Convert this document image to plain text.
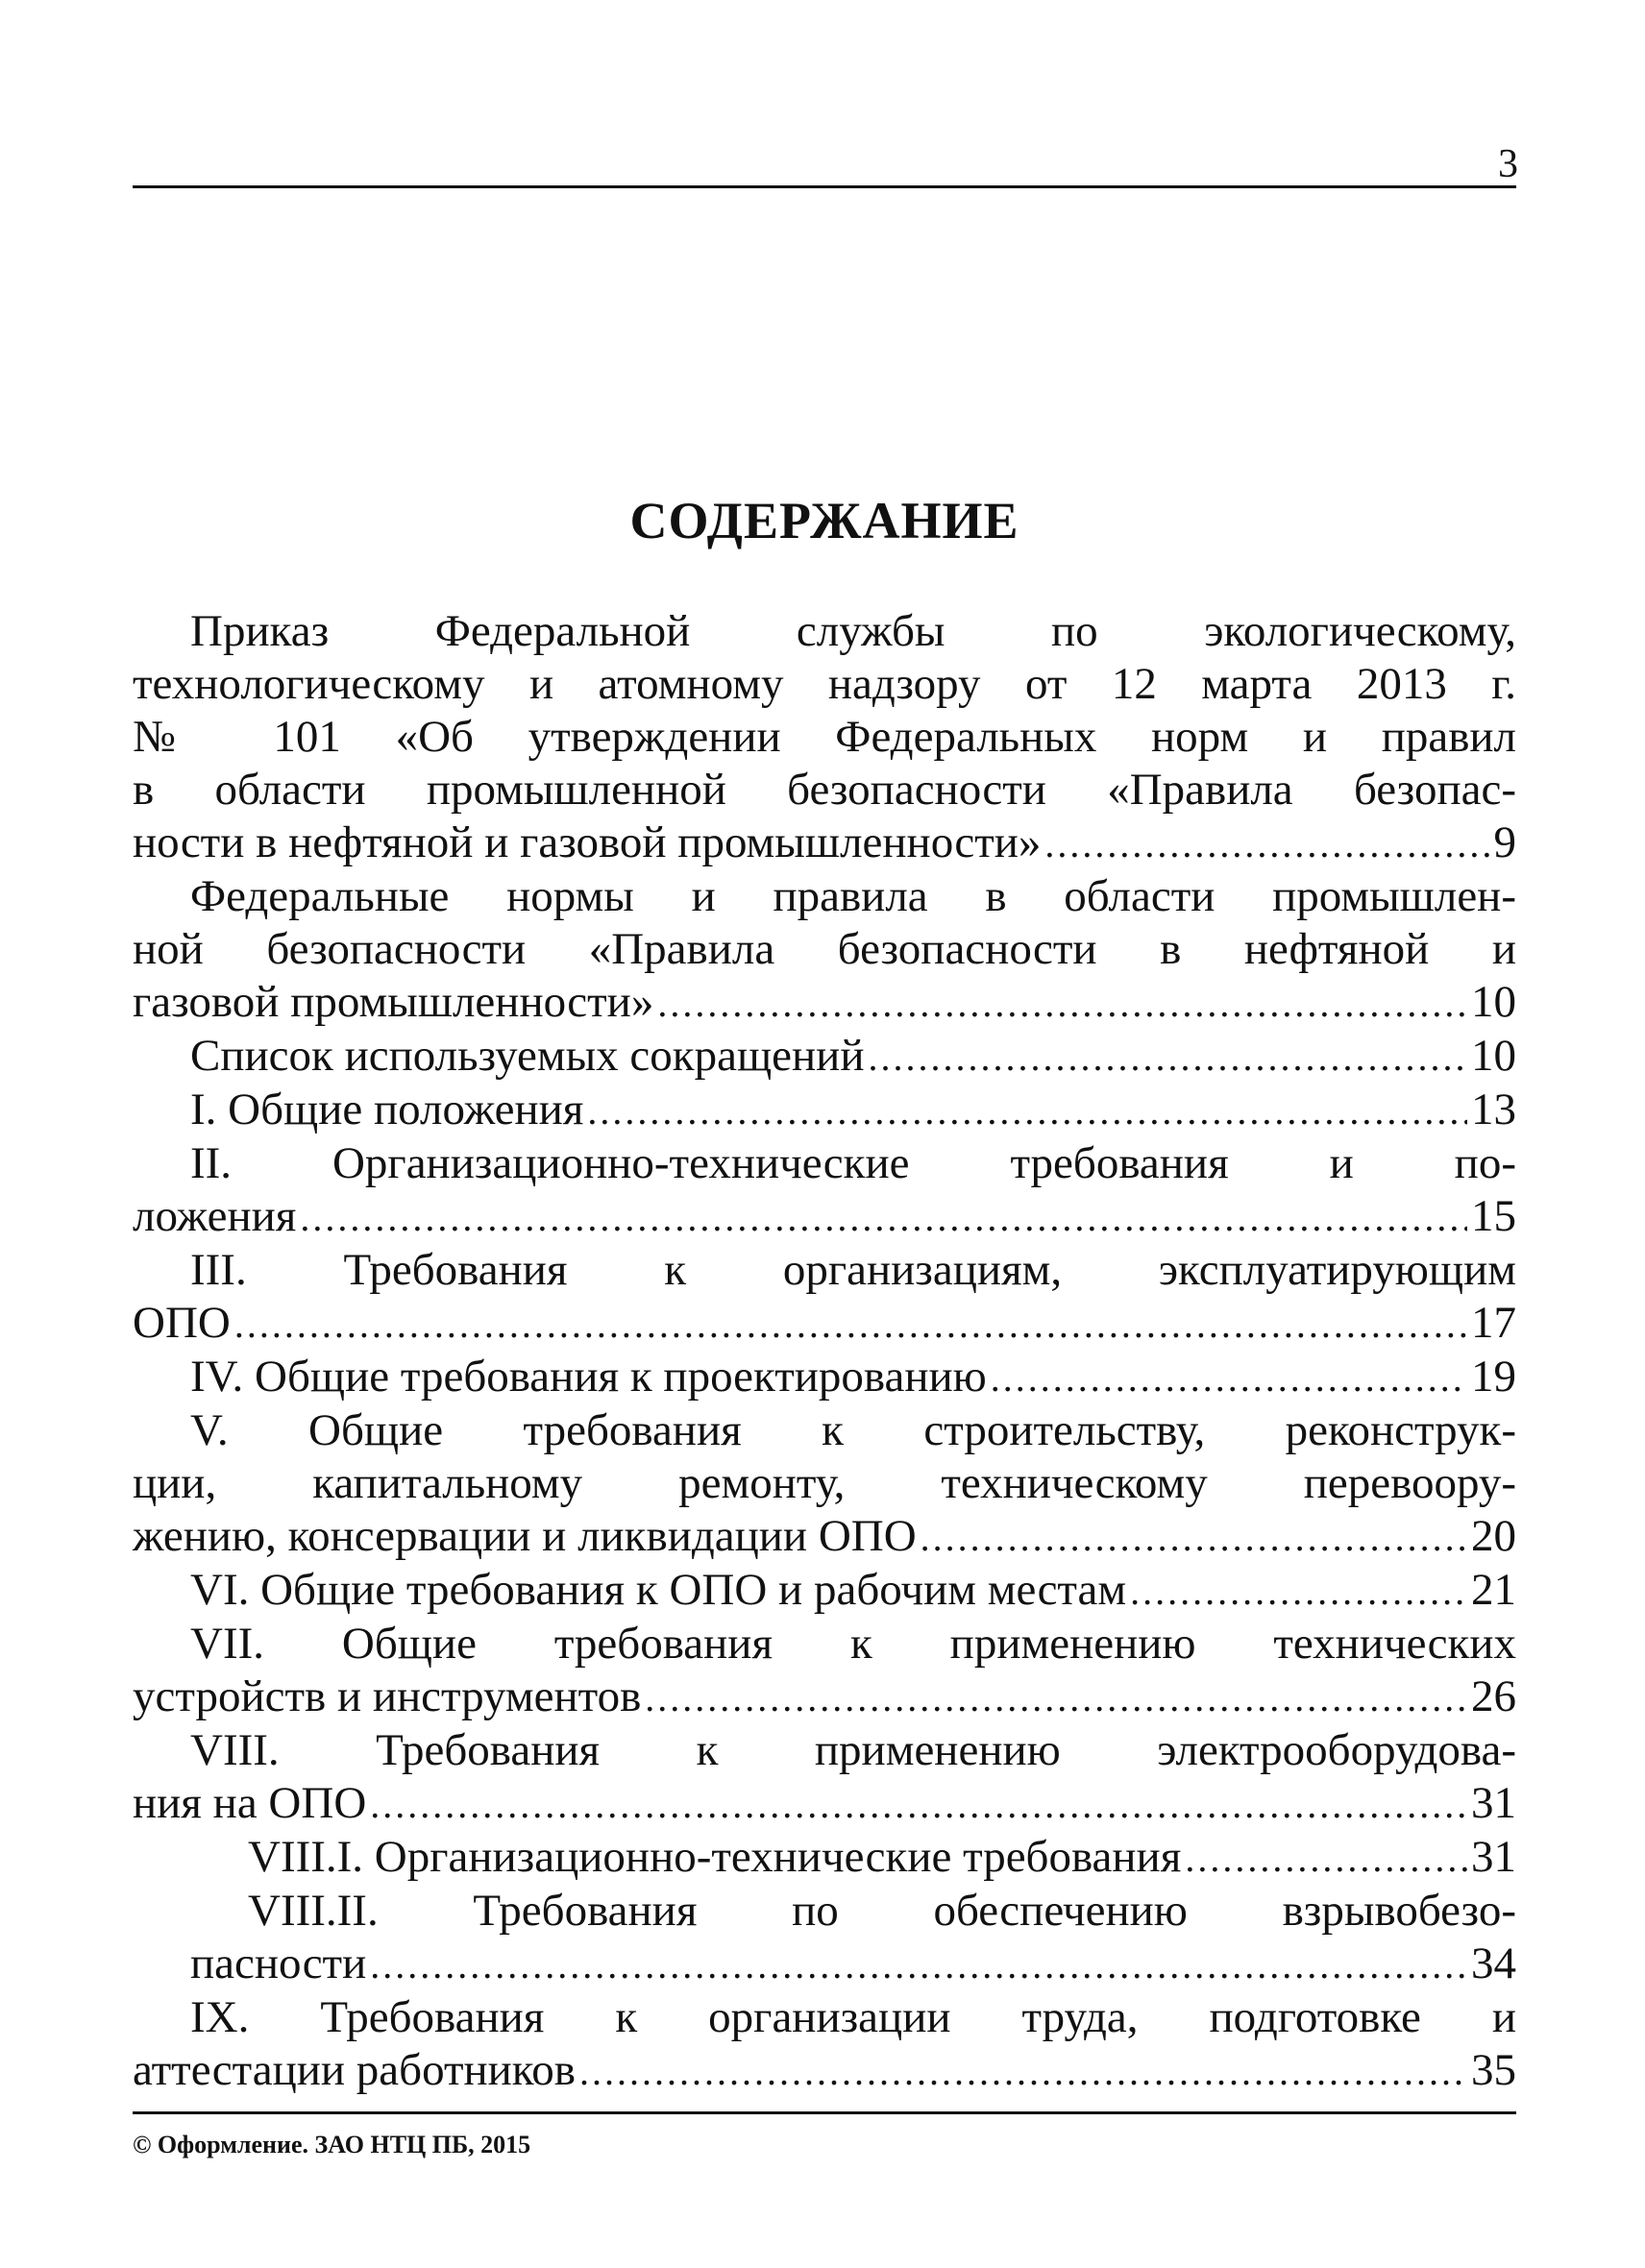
3
СОДЕРЖАНИЕ
Приказ Федеральной службы по экологическому,
технологическому и атомному надзору от 12 марта 2013 г.
№ 101 «Об утверждении Федеральных норм и правил
в области промышленной безопасности «Правила безопас-
ности в нефтяной и газовой промышленности» .....	9
Федеральные нормы и правила в области промышлен-
ной безопасности «Правила безопасности в нефтяной и
газовой промышленности» .....	10
Список используемых сокращений .....	10
I. Общие положения .....	13
II. Организационно-технические требования и по-
ложения .....	15
III. Требования к организациям, эксплуатирующим
ОПО .....	17
IV. Общие требования к проектированию .....	19
V. Общие требования к строительству, реконструк-
ции, капитальному ремонту, техническому перевоору-
жению, консервации и ликвидации ОПО .....	20
VI. Общие требования к ОПО и рабочим местам .....	21
VII. Общие требования к применению технических
устройств и инструментов .....	26
VIII. Требования к применению электрооборудова-
ния на ОПО .....	31
VIII.I. Организационно-технические требования .....	31
VIII.II. Требования по обеспечению взрывобезо-
пасности .....	34
IX. Требования к организации труда, подготовке и
аттестации работников .....	35
© Оформление. ЗАО НТЦ ПБ, 2015
